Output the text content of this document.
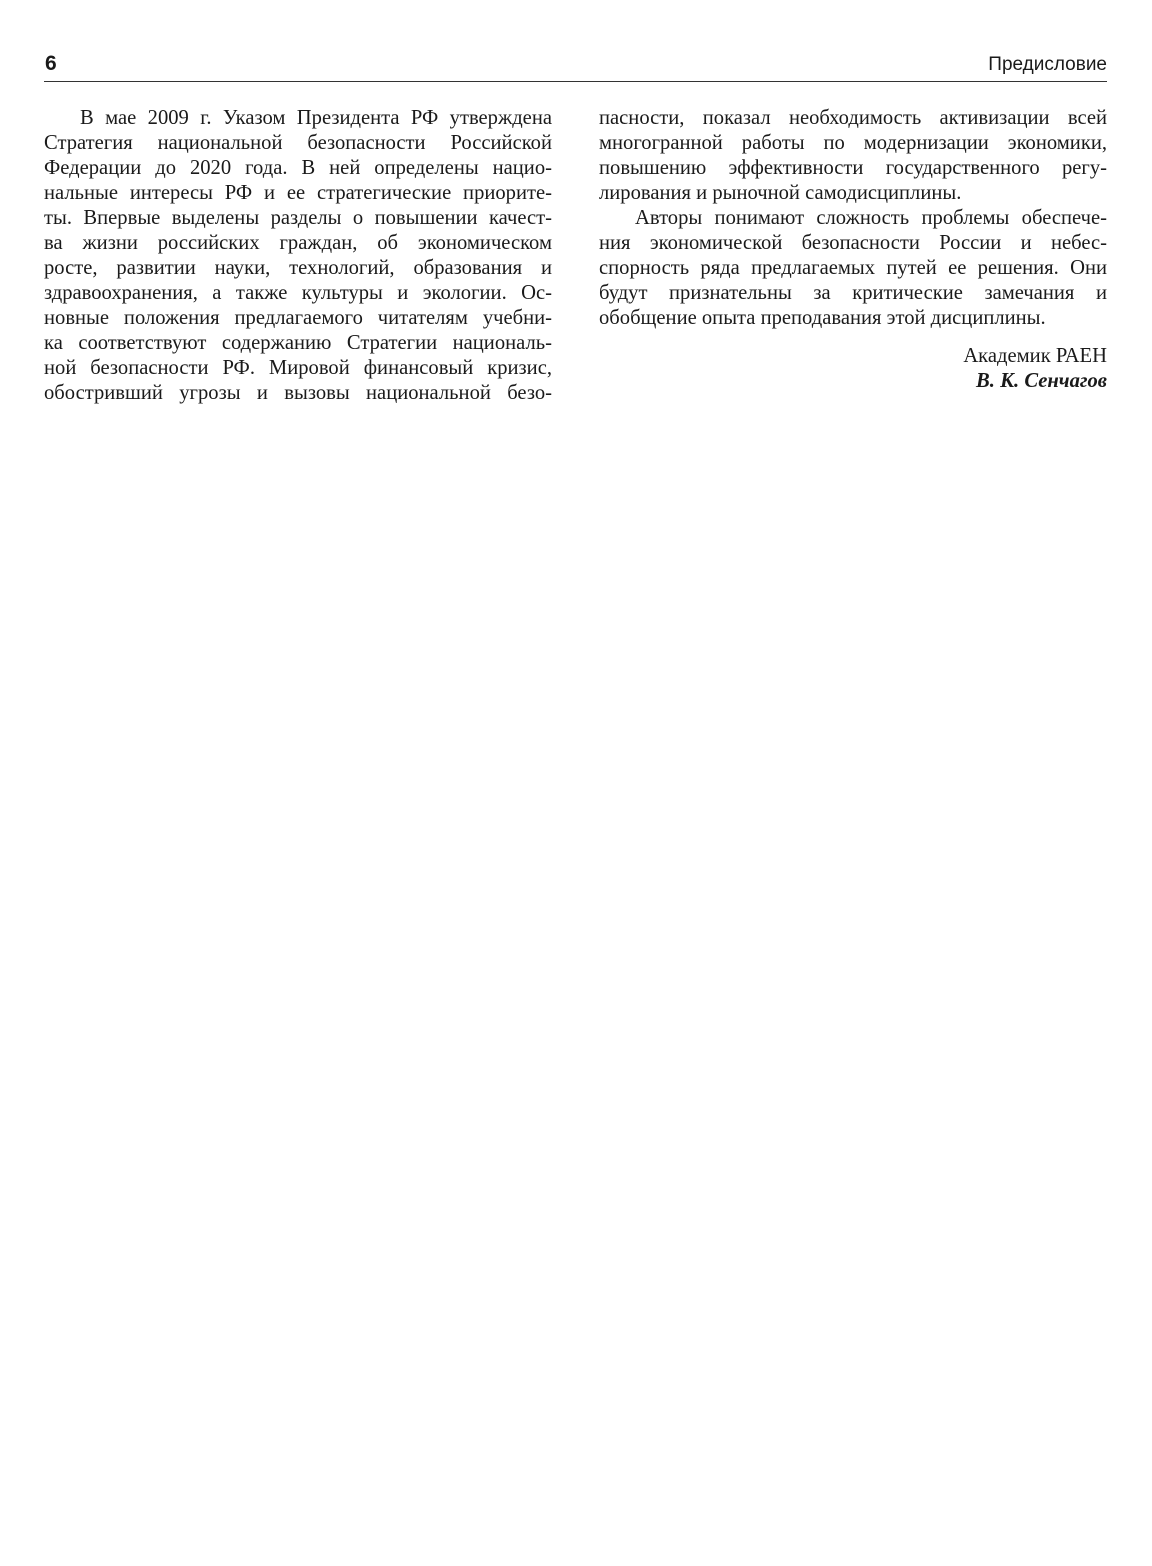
6	Предисловие
В мае 2009 г. Указом Президента РФ утверждена
Стратегия национальной безопасности Российской
Федерации до 2020 года. В ней определены нацио-
нальные интересы РФ и ее стратегические приорите-
ты. Впервые выделены разделы о повышении качест-
ва жизни российских граждан, об экономическом
росте, развитии науки, технологий, образования и
здравоохранения, а также культуры и экологии. Ос-
новные положения предлагаемого читателям учебни-
ка соответствуют содержанию Стратегии националь-
ной безопасности РФ. Мировой финансовый кризис,
обостривший угрозы и вызовы национальной безо-
пасности, показал необходимость активизации всей
многогранной работы по модернизации экономики,
повышению эффективности государственного регу-
лирования и рыночной самодисциплины.
Авторы понимают сложность проблемы обеспече-
ния экономической безопасности России и небес-
спорность ряда предлагаемых путей ее решения. Они
будут признательны за критические замечания и
обобщение опыта преподавания этой дисциплины.
Академик РАЕН
В. К. Сенчагов
